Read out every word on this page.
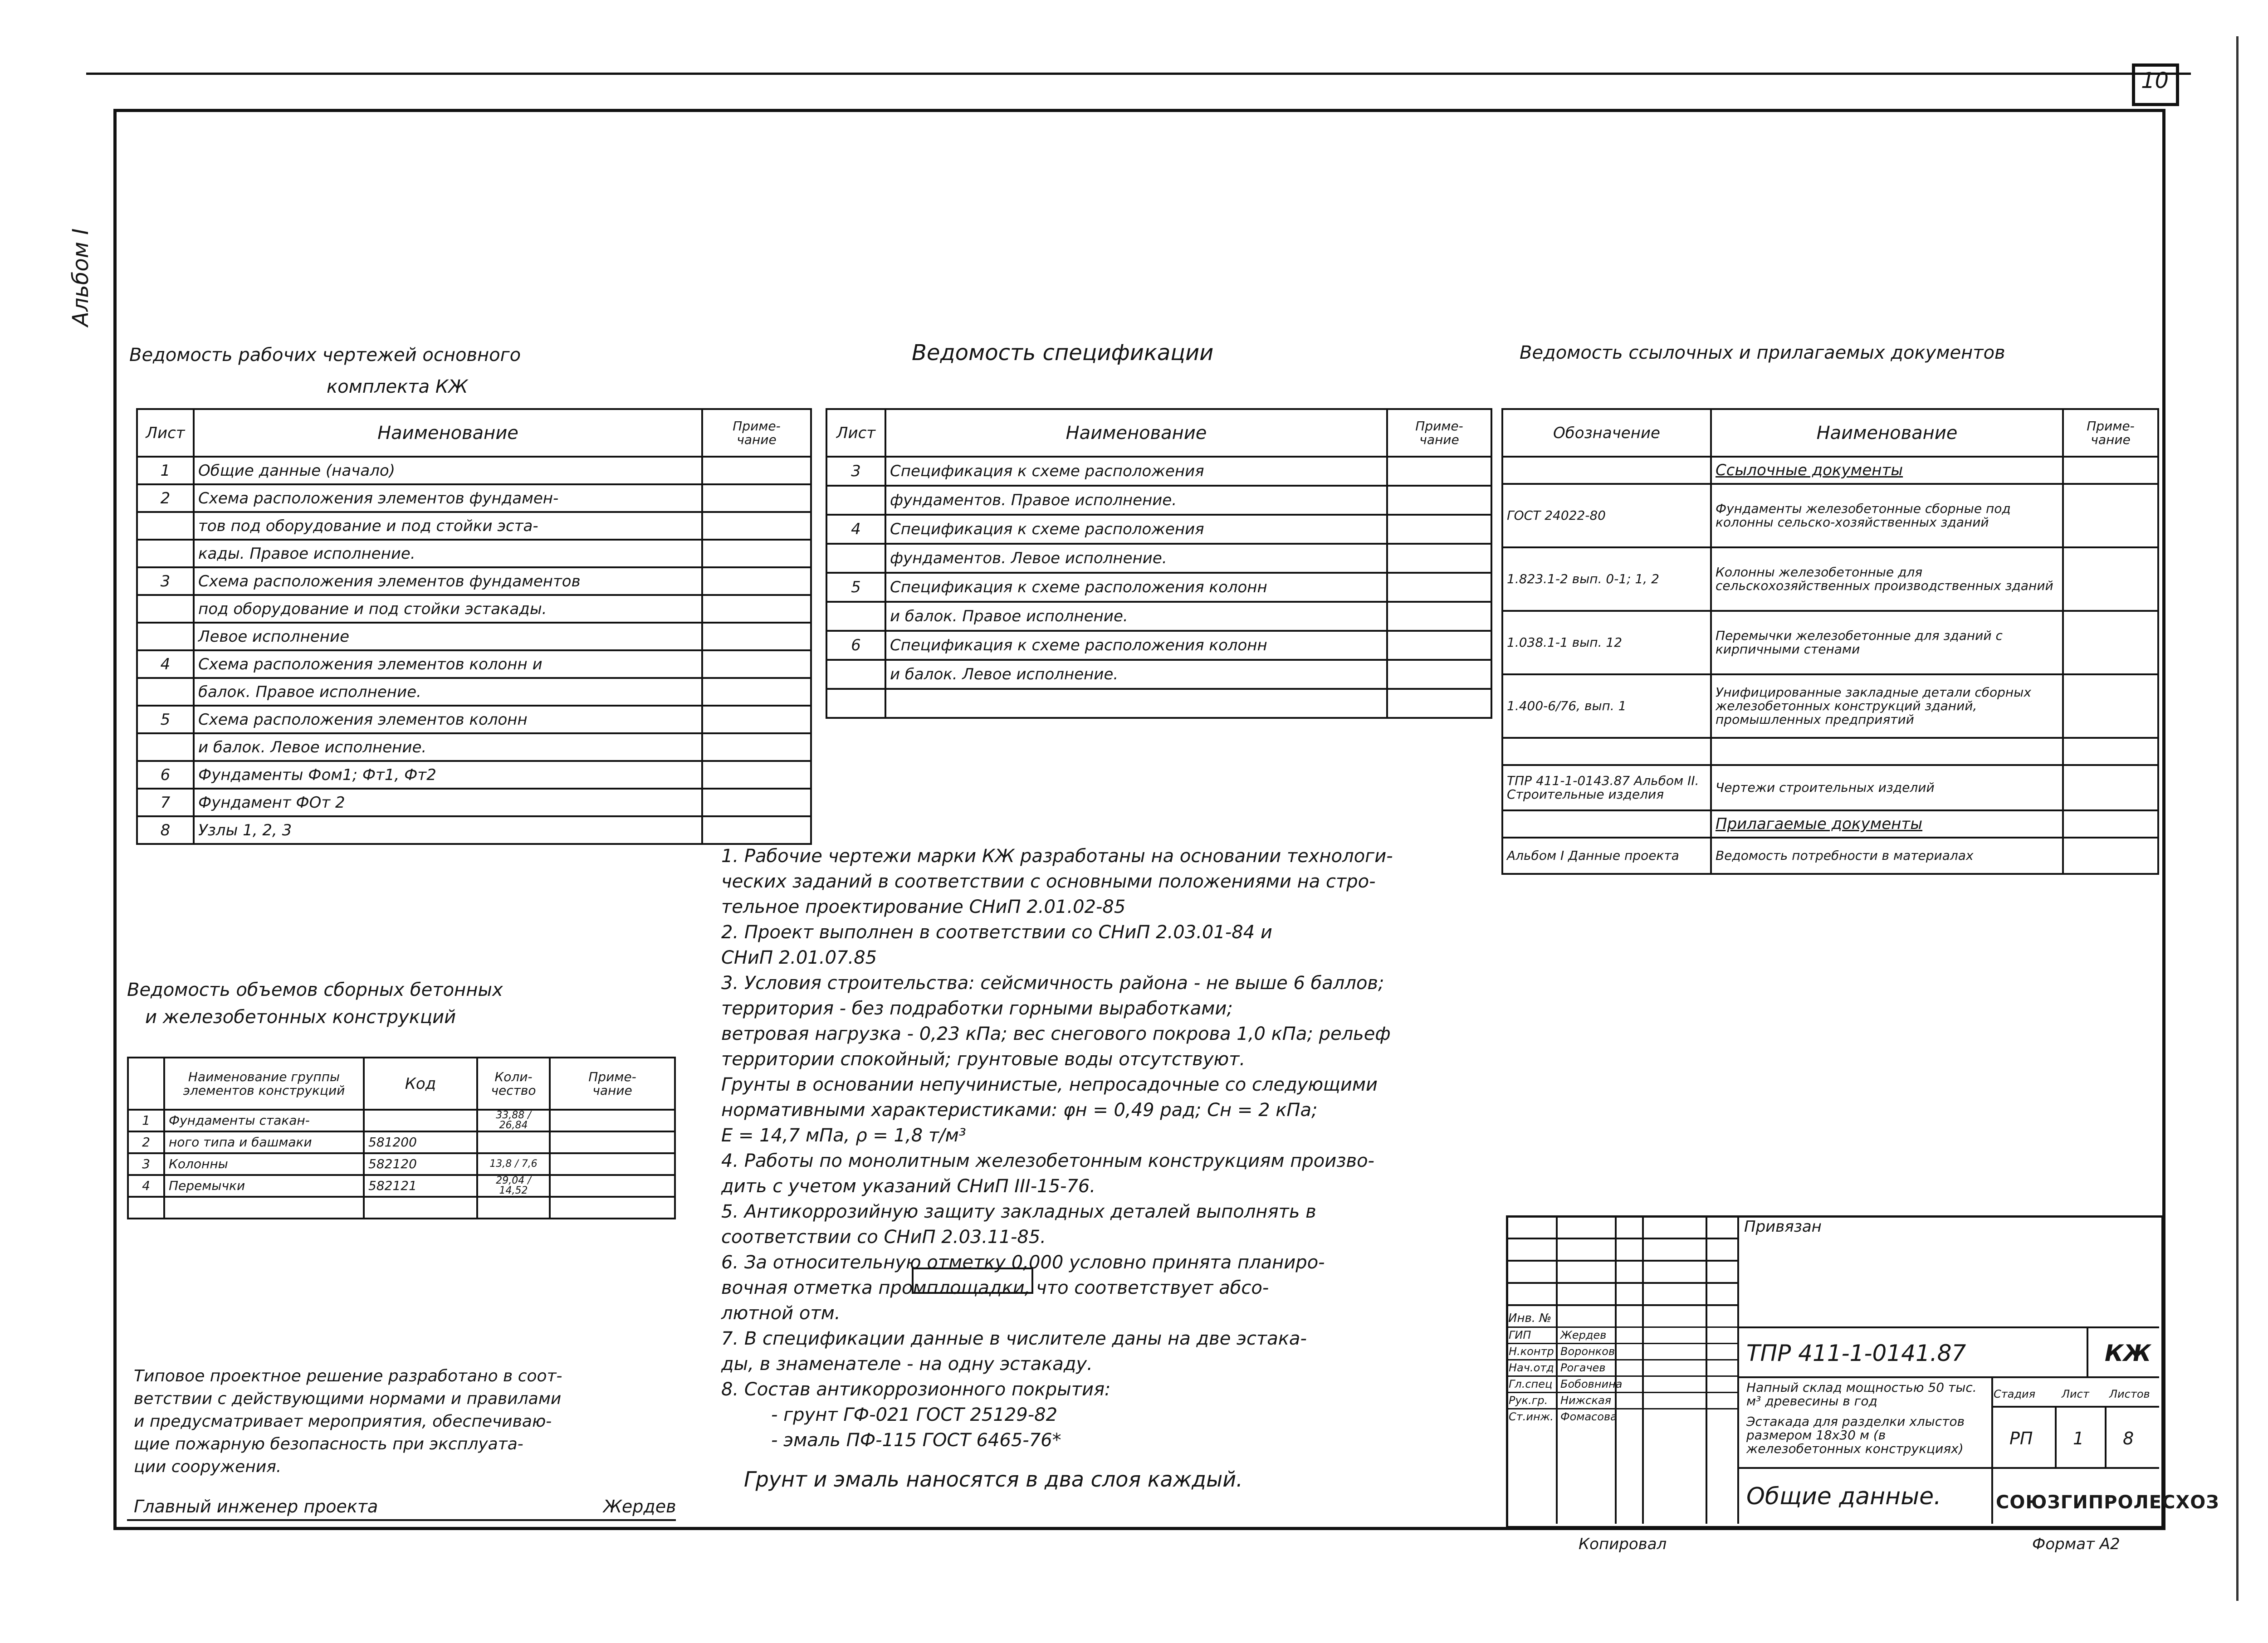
10
Альбом I
Ведомость рабочих чертежей основного
комплекта КЖ
Лист	Наименование	Приме-
чание
1	Общие данные (начало)	
2	Схема расположения элементов фундамен-	
	тов под оборудование и под стойки эста-	
	кады. Правое исполнение.	
3	Схема расположения элементов фундаментов	
	под оборудование и под стойки эстакады.	
	Левое исполнение	
4	Схема расположения элементов колонн и	
	балок. Правое исполнение.	
5	Схема расположения элементов колонн	
	и балок. Левое исполнение.	
6	Фундаменты Фом1; Фт1, Фт2	
7	Фундамент ФОт 2	
8	Узлы 1, 2, 3	
Ведомость спецификации
Лист	Наименование	Приме-
чание
3	Спецификация к схеме расположения	
	фундаментов. Правое исполнение.	
4	Спецификация к схеме расположения	
	фундаментов. Левое исполнение.	
5	Спецификация к схеме расположения колонн	
	и балок. Правое исполнение.	
6	Спецификация к схеме расположения колонн	
	и балок. Левое исполнение.	

Ведомость ссылочных и прилагаемых документов
Обозначение	Наименование	Приме-
чание
	Ссылочные документы	
ГОСТ 24022-80	Фундаменты железобетонные сборные под колонны сельско-хозяйственных зданий	
1.823.1-2 вып. 0-1; 1, 2	Колонны железобетонные для сельскохозяйственных производственных зданий	
1.038.1-1 вып. 12	Перемычки железобетонные для зданий с кирпичными стенами	
1.400-6/76, вып. 1	Унифицированные закладные детали сборных железобетонных конструкций зданий, промышленных предприятий	

ТПР 411-1-0143.87 Альбом II. Строительные изделия	Чертежи строительных изделий	
	Прилагаемые документы	
Альбом I Данные проекта	Ведомость потребности в материалах	
Ведомость объемов сборных бетонных
и железобетонных конструкций
	Наименование группы элементов конструкций	Код	Коли-
чество	Приме-
чание
1	Фундаменты стакан-		33,88 / 26,84	
2	ного типа и башмаки	581200		
3	Колонны	582120	13,8 / 7,6	
4	Перемычки	582121	29,04 / 14,52	

1. Рабочие чертежи марки КЖ разработаны на основании технологи-
ческих заданий в соответствии с основными положениями на стро-
тельное проектирование СНиП 2.01.02-85
2. Проект выполнен в соответствии со СНиП 2.03.01-84 и
СНиП 2.01.07.85
3. Условия строительства: сейсмичность района - не выше 6 баллов;
территория - без подработки горными выработками;
ветровая нагрузка - 0,23 кПа; вес снегового покрова 1,0 кПа; рельеф
территории спокойный; грунтовые воды отсутствуют.
Грунты в основании непучинистые, непросадочные со следующими
нормативными характеристиками: φн = 0,49 рад; Сн = 2 кПа;
Е = 14,7 мПа, ρ = 1,8 т/м³
4. Работы по монолитным железобетонным конструкциям произво-
дить с учетом указаний СНиП III-15-76.
5. Антикоррозийную защиту закладных деталей выполнять в
соответствии со СНиП 2.03.11-85.
6. За относительную отметку 0,000 условно принята планиро-
вочная отметка промплощадки, что соответствует абсо-
лютной отм.
7. В спецификации данные в числителе даны на две эстака-
ды, в знаменателе - на одну эстакаду.
8. Состав антикоррозионного покрытия:
- грунт ГФ-021 ГОСТ 25129-82
- эмаль ПФ-115 ГОСТ 6465-76*
Грунт и эмаль наносятся в два слоя каждый.
Типовое проектное решение разработано в соот-
ветствии с действующими нормами и правилами
и предусматривает мероприятия, обеспечиваю-
щие пожарную безопасность при эксплуата-
ции сооружения.
Главный инженер проекта	Жердев
Привязан
Инв. №
ГИП	Жердев
Н.контр Воронков
Нач.отд Рогачев
Гл.спец Бобовнина
Рук.гр. Нижская
Ст.инж. Фомасова
ТПР 411-1-0141.87	КЖ
Напный склад мощностью 50 тыс. м³ древесины в год
Эстакада для разделки хлыстов размером 18х30 м (в железобетонных конструкциях)
Стадия Лист Листов
РП 1 8
Общие данные.	СОЮЗГИПРОЛЕСХОЗ
Копировал	Формат А2
